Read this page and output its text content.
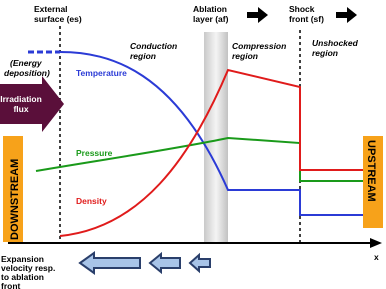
x
Temperature
Pressure
Density
External
surface (es)
Ablation
layer (af)
Shock
front (sf)
Conduction
region
Compression
region
Unshocked
region
(Energy
deposition)
Irradiation
flux
DOWNSTREAM	UPSTREAM
Expansion
velocity resp.
to ablation
front
